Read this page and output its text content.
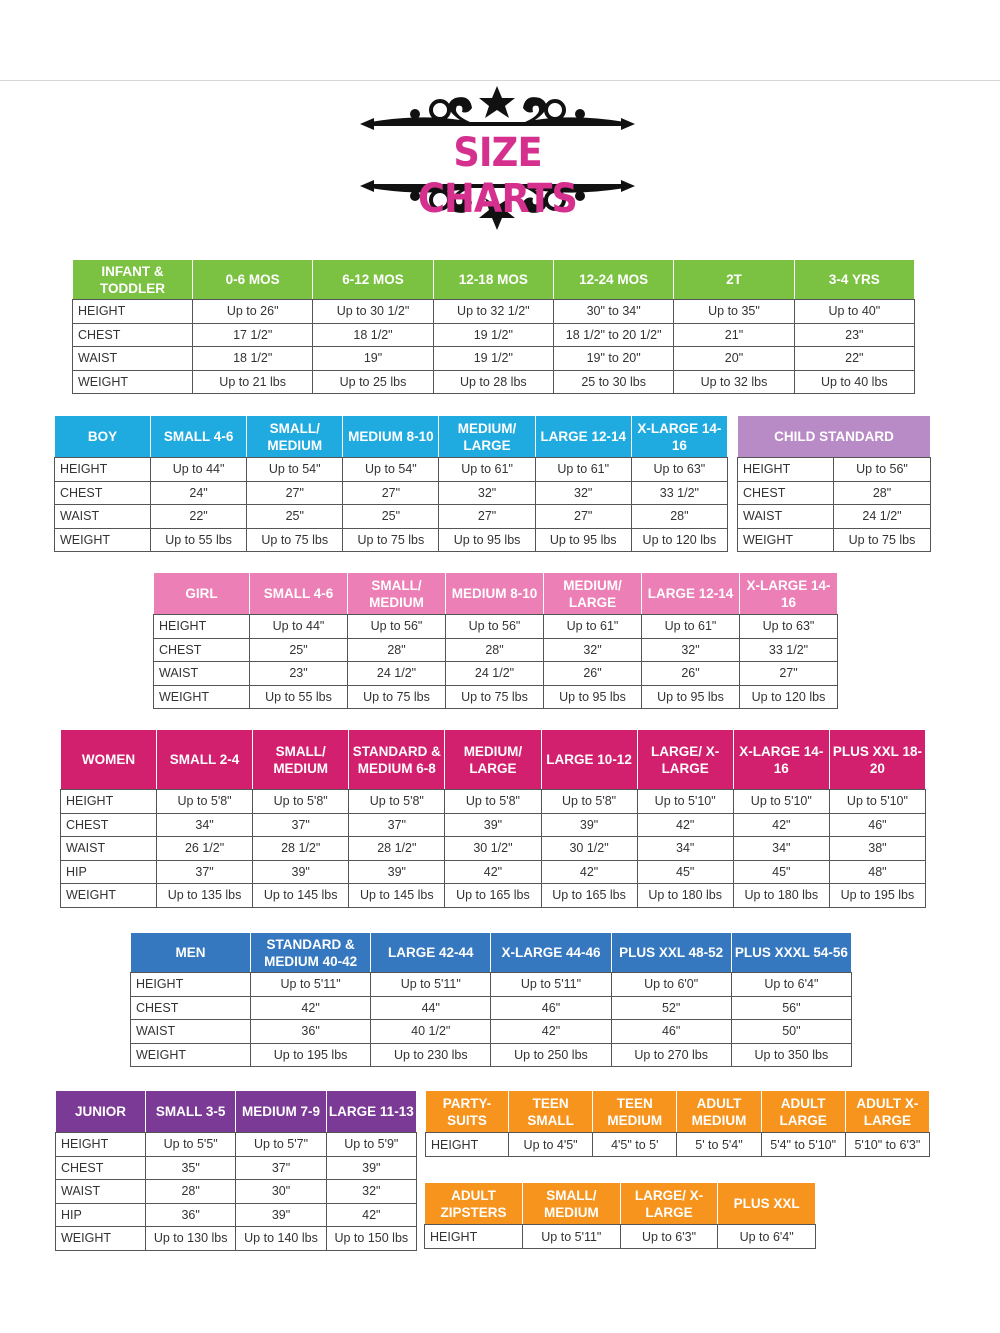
SIZE CHARTS
INFANT & TODDLER	0-6 MOS	6-12 MOS	12-18 MOS	12-24 MOS	2T	3-4 YRS
HEIGHT	Up to 26"	Up to 30 1/2"	Up to 32 1/2"	30" to 34"	Up to 35"	Up to 40"
CHEST	17 1/2"	18 1/2"	19 1/2"	18 1/2" to 20 1/2"	21"	23"
WAIST	18 1/2"	19"	19 1/2"	19" to 20"	20"	22"
WEIGHT	Up to 21 lbs	Up to 25 lbs	Up to 28 lbs	25 to 30 lbs	Up to 32 lbs	Up to 40 lbs
BOY	SMALL 4-6	SMALL/ MEDIUM	MEDIUM 8-10	MEDIUM/ LARGE	LARGE 12-14	X-LARGE 14-16
HEIGHT	Up to 44"	Up to 54"	Up to 54"	Up to 61"	Up to 61"	Up to 63"
CHEST	24"	27"	27"	32"	32"	33 1/2"
WAIST	22"	25"	25"	27"	27"	28"
WEIGHT	Up to 55 lbs	Up to 75 lbs	Up to 75 lbs	Up to 95 lbs	Up to 95 lbs	Up to 120 lbs
CHILD STANDARD	
HEIGHT	Up to 56"
CHEST	28"
WAIST	24 1/2"
WEIGHT	Up to 75 lbs
GIRL	SMALL 4-6	SMALL/ MEDIUM	MEDIUM 8-10	MEDIUM/ LARGE	LARGE 12-14	X-LARGE 14-16
HEIGHT	Up to 44"	Up to 56"	Up to 56"	Up to 61"	Up to 61"	Up to 63"
CHEST	25"	28"	28"	32"	32"	33 1/2"
WAIST	23"	24 1/2"	24 1/2"	26"	26"	27"
WEIGHT	Up to 55 lbs	Up to 75 lbs	Up to 75 lbs	Up to 95 lbs	Up to 95 lbs	Up to 120 lbs
WOMEN	SMALL 2-4	SMALL/ MEDIUM	STANDARD & MEDIUM 6-8	MEDIUM/ LARGE	LARGE 10-12	LARGE/ X-LARGE	X-LARGE 14-16	PLUS XXL 18-20
HEIGHT	Up to 5'8"	Up to 5'8"	Up to 5'8"	Up to 5'8"	Up to 5'8"	Up to 5'10"	Up to 5'10"	Up to 5'10"
CHEST	34"	37"	37"	39"	39"	42"	42"	46"
WAIST	26 1/2"	28 1/2"	28 1/2"	30 1/2"	30 1/2"	34"	34"	38"
HIP	37"	39"	39"	42"	42"	45"	45"	48"
WEIGHT	Up to 135 lbs	Up to 145 lbs	Up to 145 lbs	Up to 165 lbs	Up to 165 lbs	Up to 180 lbs	Up to 180 lbs	Up to 195 lbs
MEN	STANDARD & MEDIUM 40-42	LARGE 42-44	X-LARGE 44-46	PLUS XXL 48-52	PLUS XXXL 54-56
HEIGHT	Up to 5'11"	Up to 5'11"	Up to 5'11"	Up to 6'0"	Up to 6'4"
CHEST	42"	44"	46"	52"	56"
WAIST	36"	40 1/2"	42"	46"	50"
WEIGHT	Up to 195 lbs	Up to 230 lbs	Up to 250 lbs	Up to 270 lbs	Up to 350 lbs
JUNIOR	SMALL 3-5	MEDIUM 7-9	LARGE 11-13
HEIGHT	Up to 5'5"	Up to 5'7"	Up to 5'9"
CHEST	35"	37"	39"
WAIST	28"	30"	32"
HIP	36"	39"	42"
WEIGHT	Up to 130 lbs	Up to 140 lbs	Up to 150 lbs
PARTY- SUITS	TEEN SMALL	TEEN MEDIUM	ADULT MEDIUM	ADULT LARGE	ADULT X-LARGE
HEIGHT	Up to 4'5"	4'5" to 5'	5' to 5'4"	5'4" to 5'10"	5'10" to 6'3"
ADULT ZIPSTERS	SMALL/ MEDIUM	LARGE/ X-LARGE	PLUS XXL
HEIGHT	Up to 5'11"	Up to 6'3"	Up to 6'4"
